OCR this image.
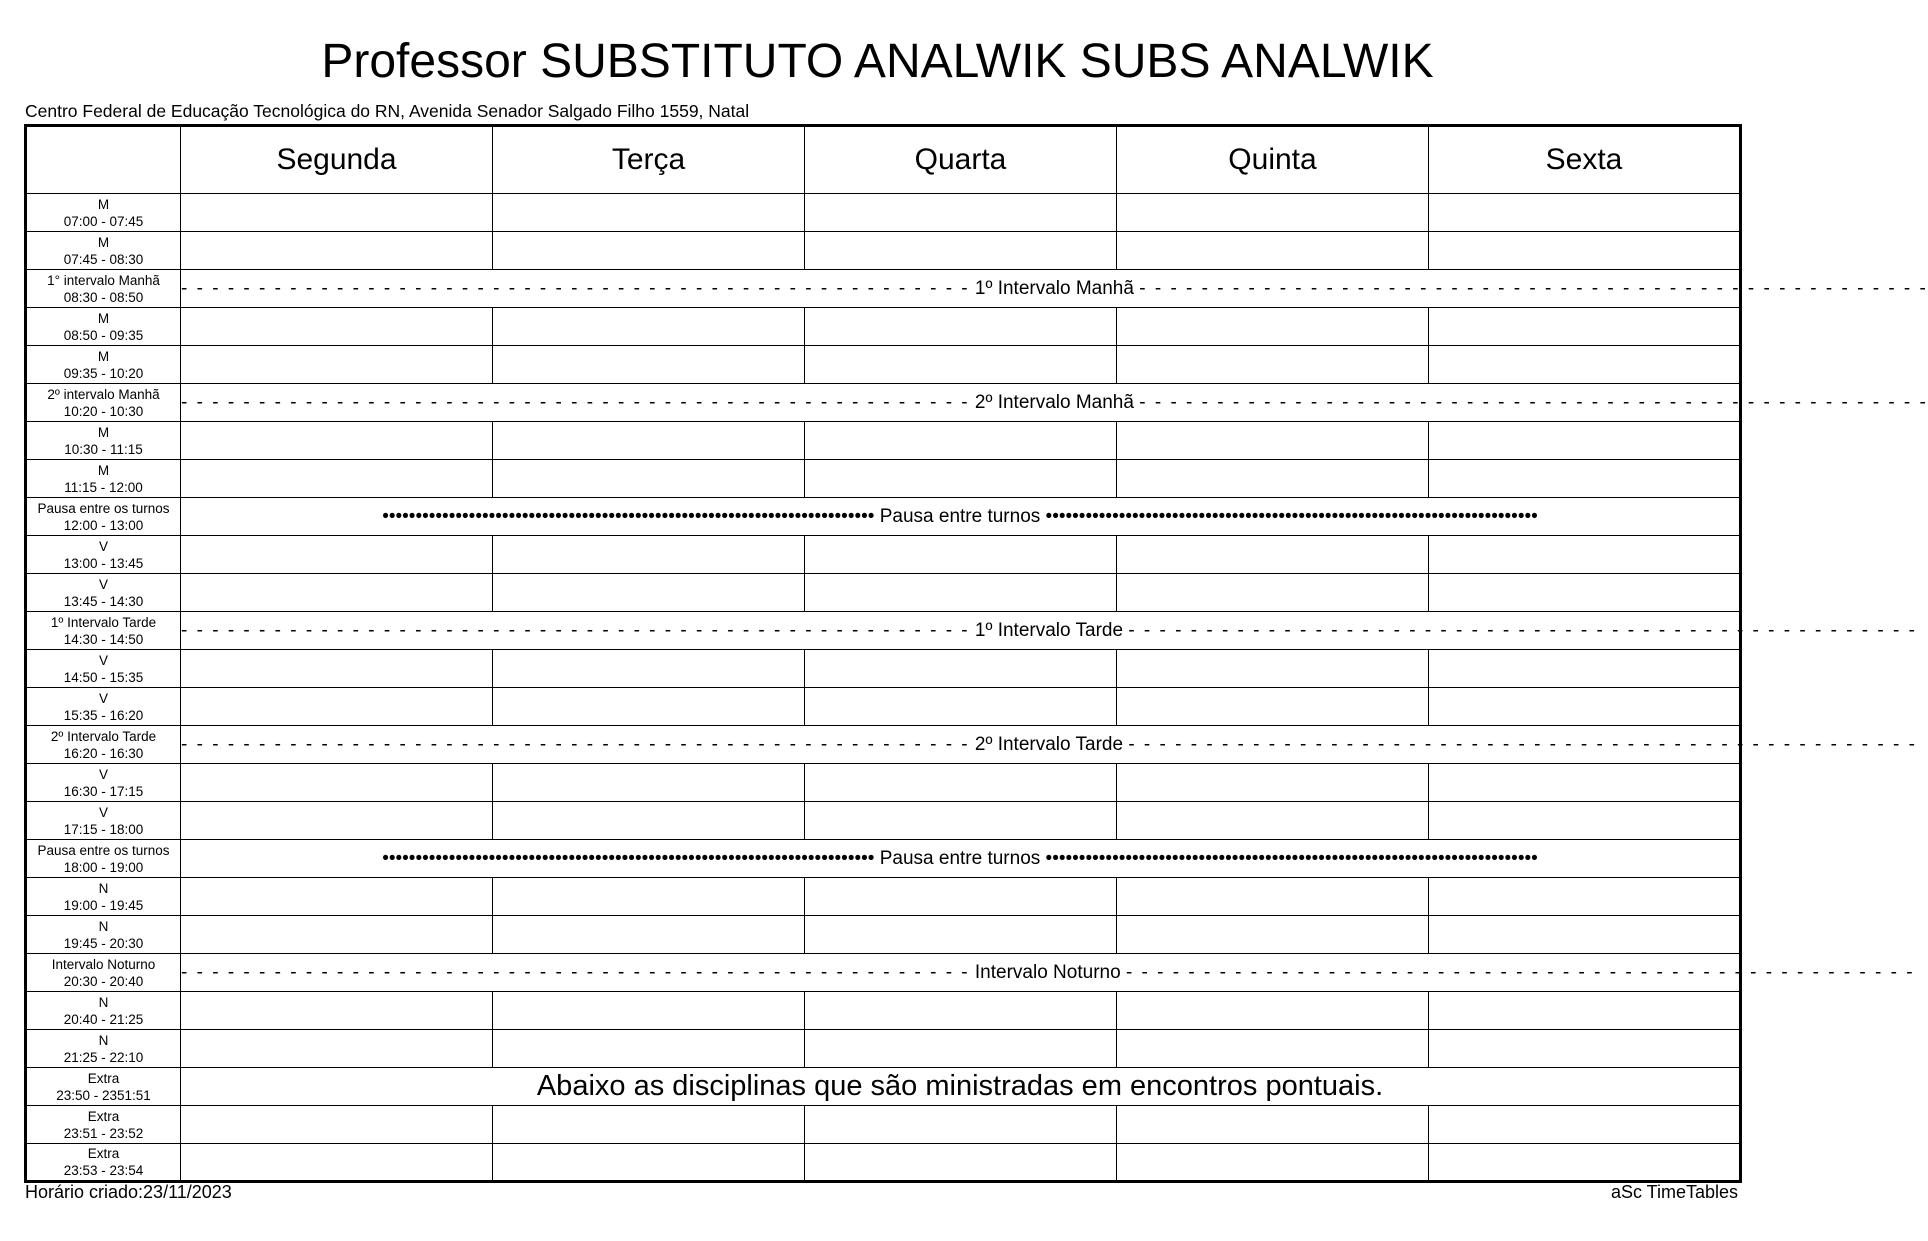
Professor SUBSTITUTO ANALWIK SUBS ANALWIK
Centro Federal de Educação Tecnológica do RN, Avenida Senador Salgado Filho 1559, Natal
	Segunda	Terça	Quarta	Quinta	Sexta

M
07:00 - 07:45					

M
07:45 - 08:30					

1° intervalo Manhã
08:30 - 08:50	- - - - - - - - - - - - - - - - - - - - - - - - - - - - - - - - - - - - - - - - - - - - - - - - - - - 1º Intervalo Manhã - - - - - - - - - - - - - - - - - - - - - - - - - - - - - - - - - - - - - - - - - - - - - - - - - - -				

M
08:50 - 09:35					

M
09:35 - 10:20					

2º intervalo Manhã
10:20 - 10:30	- - - - - - - - - - - - - - - - - - - - - - - - - - - - - - - - - - - - - - - - - - - - - - - - - - - 2º Intervalo Manhã - - - - - - - - - - - - - - - - - - - - - - - - - - - - - - - - - - - - - - - - - - - - - - - - - - -				

M
10:30 - 11:15					

M
11:15 - 12:00					

Pausa entre os turnos
12:00 - 13:00	•••••••••••••••••••••••••••••••••••••••••••••••••••••••••••••••••••••••••• Pausa entre turnos ••••••••••••••••••••••••••••••••••••••••••••••••••••••••••••••••••••••••••				

V
13:00 - 13:45					

V
13:45 - 14:30					

1º Intervalo Tarde
14:30 - 14:50	- - - - - - - - - - - - - - - - - - - - - - - - - - - - - - - - - - - - - - - - - - - - - - - - - - - 1º Intervalo Tarde - - - - - - - - - - - - - - - - - - - - - - - - - - - - - - - - - - - - - - - - - - - - - - - - - - -				

V
14:50 - 15:35					

V
15:35 - 16:20					

2º Intervalo Tarde
16:20 - 16:30	- - - - - - - - - - - - - - - - - - - - - - - - - - - - - - - - - - - - - - - - - - - - - - - - - - - 2º Intervalo Tarde - - - - - - - - - - - - - - - - - - - - - - - - - - - - - - - - - - - - - - - - - - - - - - - - - - -				

V
16:30 - 17:15					

V
17:15 - 18:00					

Pausa entre os turnos
18:00 - 19:00	•••••••••••••••••••••••••••••••••••••••••••••••••••••••••••••••••••••••••• Pausa entre turnos ••••••••••••••••••••••••••••••••••••••••••••••••••••••••••••••••••••••••••				

N
19:00 - 19:45					

N
19:45 - 20:30					

Intervalo Noturno
20:30 - 20:40	- - - - - - - - - - - - - - - - - - - - - - - - - - - - - - - - - - - - - - - - - - - - - - - - - - - Intervalo Noturno - - - - - - - - - - - - - - - - - - - - - - - - - - - - - - - - - - - - - - - - - - - - - - - - - - -				

N
20:40 - 21:25					

N
21:25 - 22:10					

Extra
23:50 - 2351:51	Abaixo as disciplinas que são ministradas em encontros pontuais.				

Extra
23:51 - 23:52					

Extra
23:53 - 23:54					

Horário criado:23/11/2023	aSc TimeTables
